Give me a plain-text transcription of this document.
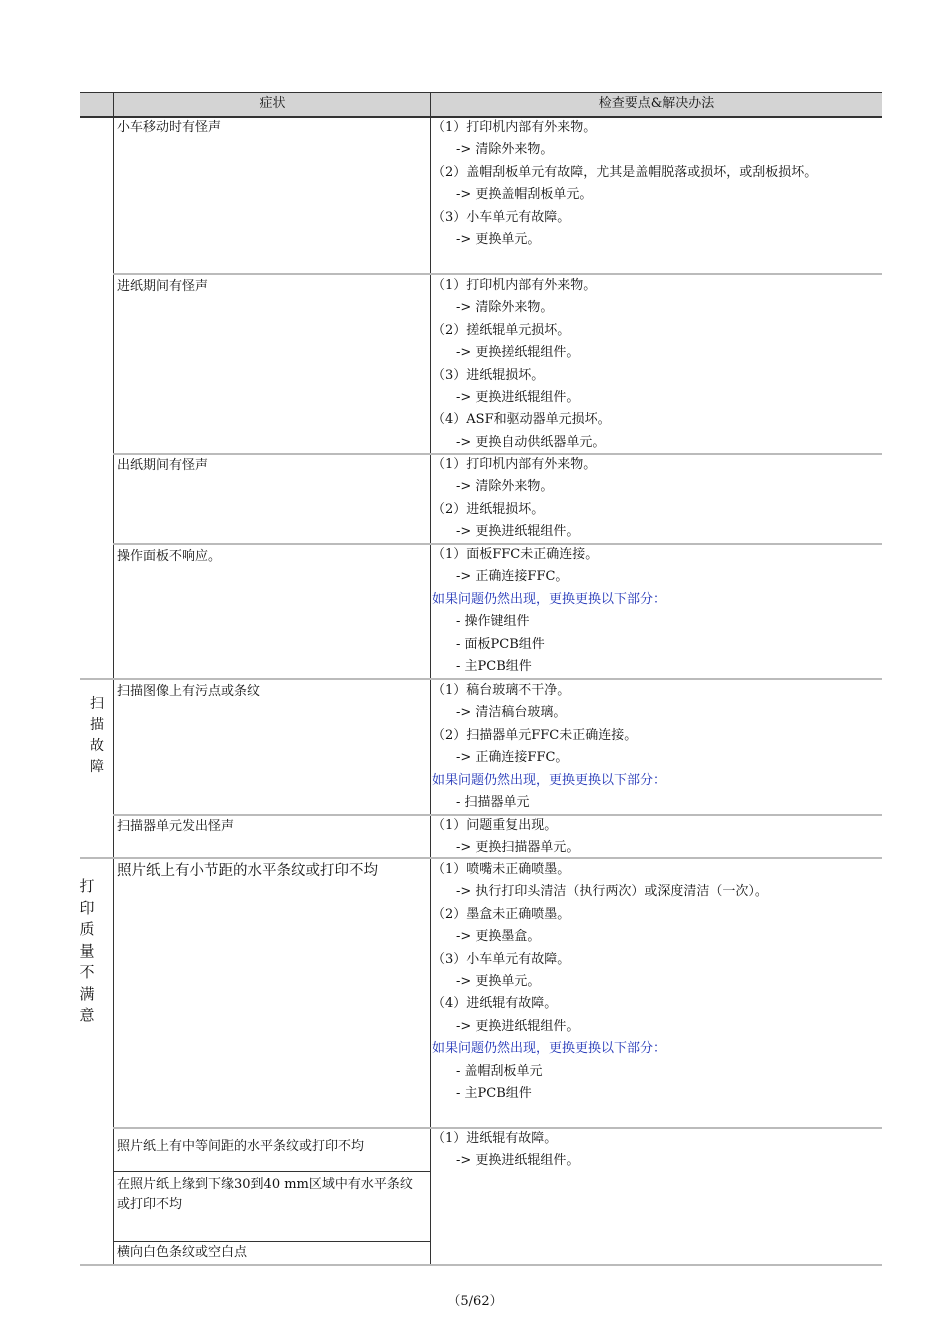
症状	检查要点&解决办法
扫
描
故
障
打
印
质
量
不
满
意
小车移动时有怪声
进纸期间有怪声
出纸期间有怪声
操作面板不响应。
扫描图像上有污点或条纹
扫描器单元发出怪声
照片纸上有小节距的水平条纹或打印不均
照片纸上有中等间距的水平条纹或打印不均
在照片纸上缘到下缘30到40 mm区域中有水平条纹或打印不均
横向白色条纹或空白点
（1）打印机内部有外来物。
-> 清除外来物。
（2）盖帽刮板单元有故障，尤其是盖帽脱落或损坏，或刮板损坏。
-> 更换盖帽刮板单元。
（3）小车单元有故障。
-> 更换单元。
（1）打印机内部有外来物。
-> 清除外来物。
（2）搓纸辊单元损坏。
-> 更换搓纸辊组件。
（3）进纸辊损坏。
-> 更换进纸辊组件。
（4）ASF和驱动器单元损坏。
-> 更换自动供纸器单元。
（1）打印机内部有外来物。
-> 清除外来物。
（2）进纸辊损坏。
-> 更换进纸辊组件。
（1）面板FFC未正确连接。
-> 正确连接FFC。
如果问题仍然出现，更换更换以下部分：
- 操作键组件
- 面板PCB组件
- 主PCB组件
（1）稿台玻璃不干净。
-> 清洁稿台玻璃。
（2）扫描器单元FFC未正确连接。
-> 正确连接FFC。
如果问题仍然出现，更换更换以下部分：
- 扫描器单元
（1）问题重复出现。
-> 更换扫描器单元。
（1）喷嘴未正确喷墨。
-> 执行打印头清洁（执行两次）或深度清洁（一次）。
（2）墨盒未正确喷墨。
-> 更换墨盒。
（3）小车单元有故障。
-> 更换单元。
（4）进纸辊有故障。
-> 更换进纸辊组件。
如果问题仍然出现，更换更换以下部分：
- 盖帽刮板单元
- 主PCB组件
（1）进纸辊有故障。
-> 更换进纸辊组件。
（5/62）
